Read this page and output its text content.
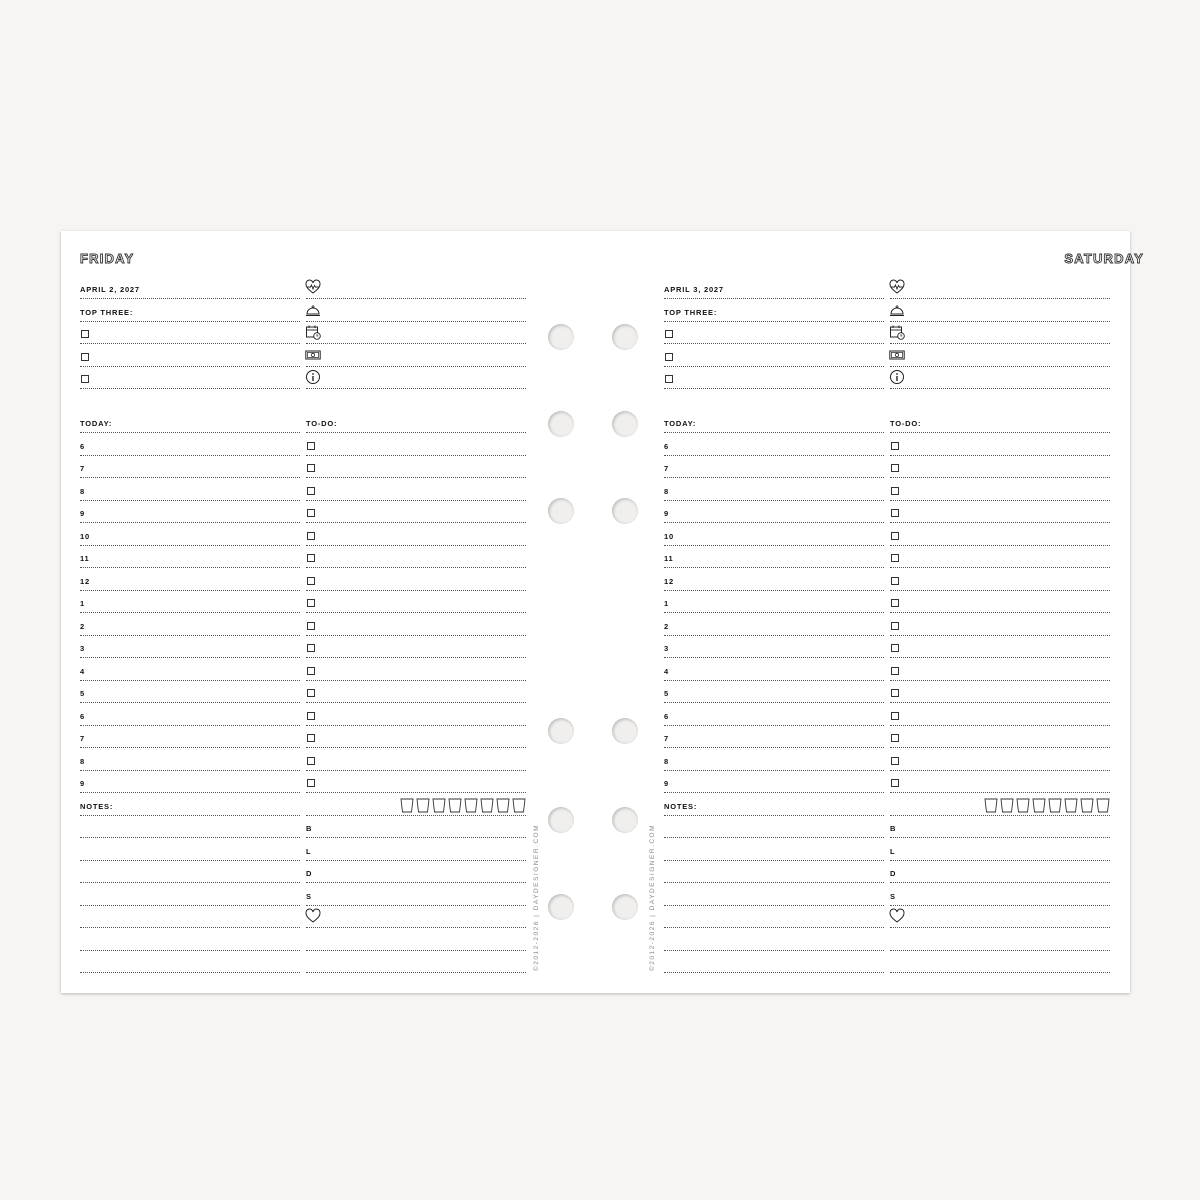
FRIDAY
APRIL 2, 2027
TOP THREE:
TODAY:	TO-DO:
6
7
8
9
10
11
12
1
2
3
4
5
6
7
8
9
NOTES:
B
L
D
S
SATURDAY
APRIL 3, 2027
TOP THREE:
TODAY:	TO-DO:
6
7
8
9
10
11
12
1
2
3
4
5
6
7
8
9
NOTES:
B
L
D
S
©2012-2026 | DAYDESIGNER.COM	©2012-2026 | DAYDESIGNER.COM
